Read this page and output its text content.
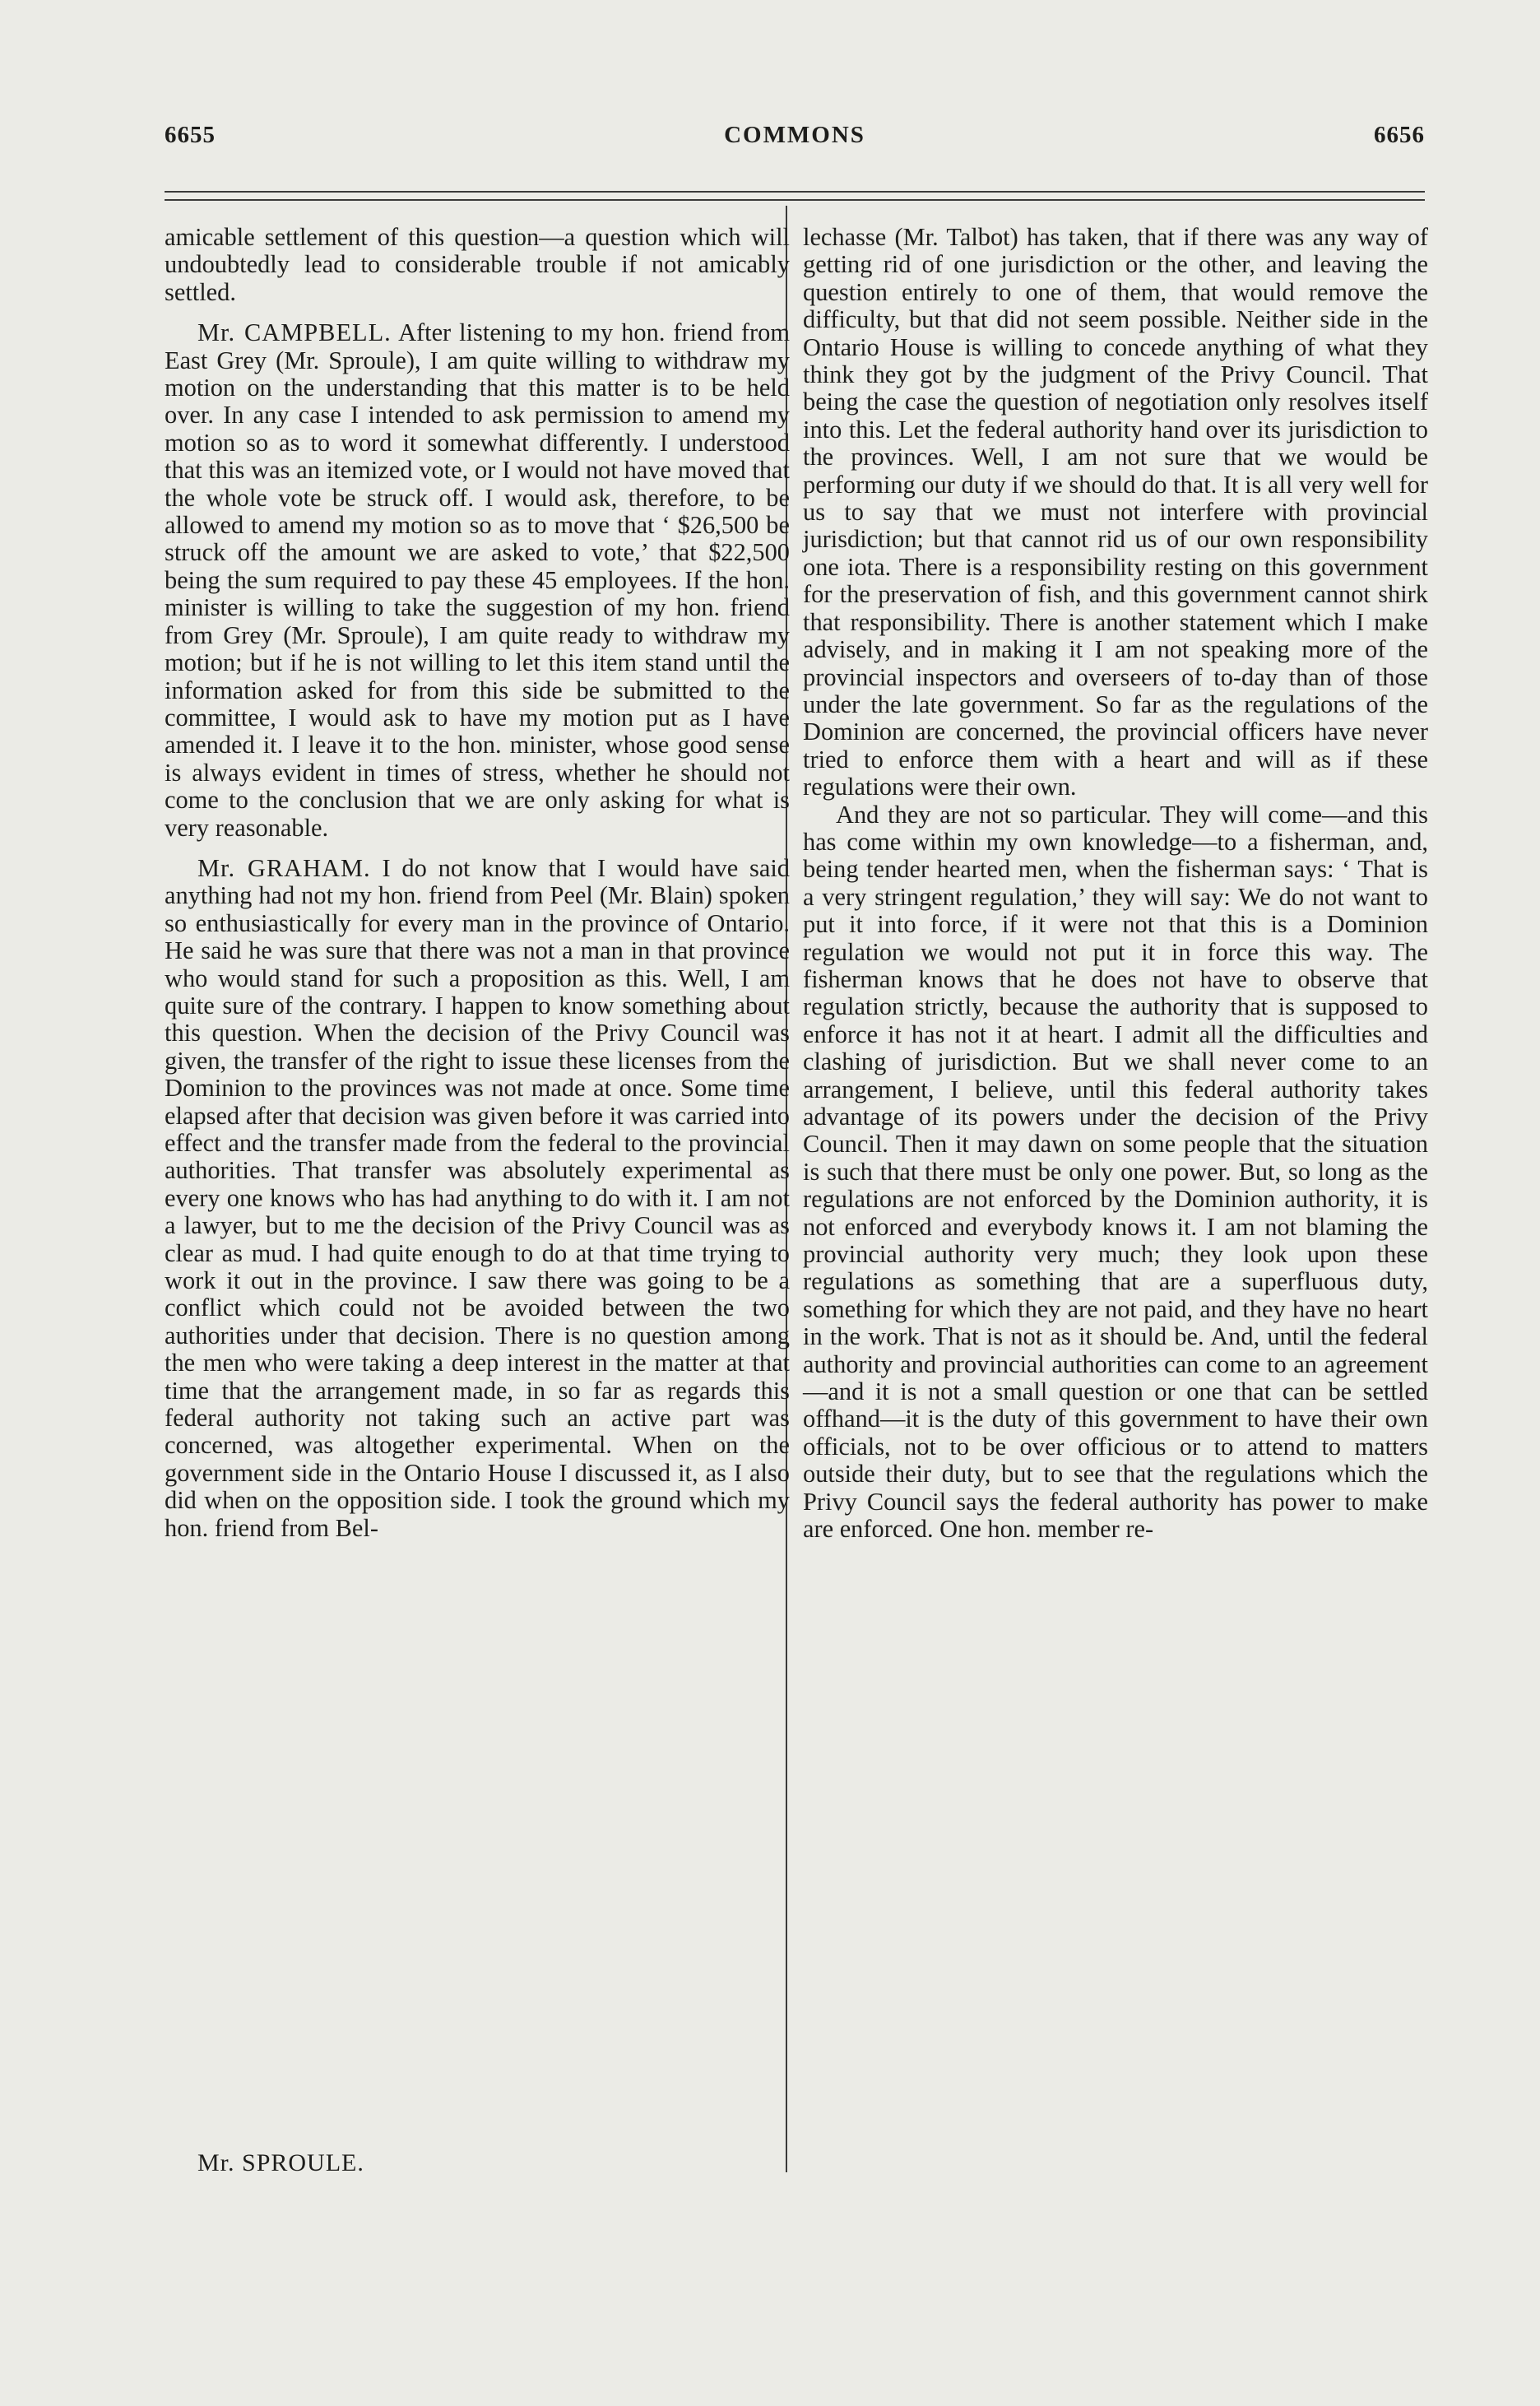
6655	COMMONS	6656

amicable settlement of this question—a question which will undoubtedly lead to considerable trouble if not amicably settled.

Mr. CAMPBELL. After listening to my hon. friend from East Grey (Mr. Sproule), I am quite willing to withdraw my motion on the understanding that this matter is to be held over. In any case I intended to ask permission to amend my motion so as to word it somewhat differently. I understood that this was an itemized vote, or I would not have moved that the whole vote be struck off. I would ask, therefore, to be allowed to amend my motion so as to move that ‘ $26,500 be struck off the amount we are asked to vote,’ that $22,500 being the sum required to pay these 45 employees. If the hon. minister is willing to take the suggestion of my hon. friend from Grey (Mr. Sproule), I am quite ready to withdraw my motion; but if he is not willing to let this item stand until the information asked for from this side be submitted to the committee, I would ask to have my motion put as I have amended it. I leave it to the hon. minister, whose good sense is always evident in times of stress, whether he should not come to the conclusion that we are only asking for what is very reasonable.

Mr. GRAHAM. I do not know that I would have said anything had not my hon. friend from Peel (Mr. Blain) spoken so enthusiastically for every man in the province of Ontario. He said he was sure that there was not a man in that province who would stand for such a proposition as this. Well, I am quite sure of the contrary. I happen to know something about this question. When the decision of the Privy Council was given, the transfer of the right to issue these licenses from the Dominion to the provinces was not made at once. Some time elapsed after that decision was given before it was carried into effect and the transfer made from the federal to the provincial authorities. That transfer was absolutely experimental as every one knows who has had anything to do with it. I am not a lawyer, but to me the decision of the Privy Council was as clear as mud. I had quite enough to do at that time trying to work it out in the province. I saw there was going to be a conflict which could not be avoided between the two authorities under that decision. There is no question among the men who were taking a deep interest in the matter at that time that the arrangement made, in so far as regards this federal authority not taking such an active part was concerned, was altogether experimental. When on the government side in the Ontario House I discussed it, as I also did when on the opposition side. I took the ground which my hon. friend from Bel-

lechasse (Mr. Talbot) has taken, that if there was any way of getting rid of one jurisdiction or the other, and leaving the question entirely to one of them, that would remove the difficulty, but that did not seem possible. Neither side in the Ontario House is willing to concede anything of what they think they got by the judgment of the Privy Council. That being the case the question of negotiation only resolves itself into this. Let the federal authority hand over its jurisdiction to the provinces. Well, I am not sure that we would be performing our duty if we should do that. It is all very well for us to say that we must not interfere with provincial jurisdiction; but that cannot rid us of our own responsibility one iota. There is a responsibility resting on this government for the preservation of fish, and this government cannot shirk that responsibility. There is another statement which I make advisely, and in making it I am not speaking more of the provincial inspectors and overseers of to-day than of those under the late government. So far as the regulations of the Dominion are concerned, the provincial officers have never tried to enforce them with a heart and will as if these regulations were their own.

And they are not so particular. They will come—and this has come within my own knowledge—to a fisherman, and, being tender hearted men, when the fisherman says: ‘ That is a very stringent regulation,’ they will say: We do not want to put it into force, if it were not that this is a Dominion regulation we would not put it in force this way. The fisherman knows that he does not have to observe that regulation strictly, because the authority that is supposed to enforce it has not it at heart. I admit all the difficulties and clashing of jurisdiction. But we shall never come to an arrangement, I believe, until this federal authority takes advantage of its powers under the decision of the Privy Council. Then it may dawn on some people that the situation is such that there must be only one power. But, so long as the regulations are not enforced by the Dominion authority, it is not enforced and everybody knows it. I am not blaming the provincial authority very much; they look upon these regulations as something that are a superfluous duty, something for which they are not paid, and they have no heart in the work. That is not as it should be. And, until the federal authority and provincial authorities can come to an agreement—and it is not a small question or one that can be settled offhand—it is the duty of this government to have their own officials, not to be over officious or to attend to matters outside their duty, but to see that the regulations which the Privy Council says the federal authority has power to make are enforced. One hon. member re-

Mr. SPROULE.
